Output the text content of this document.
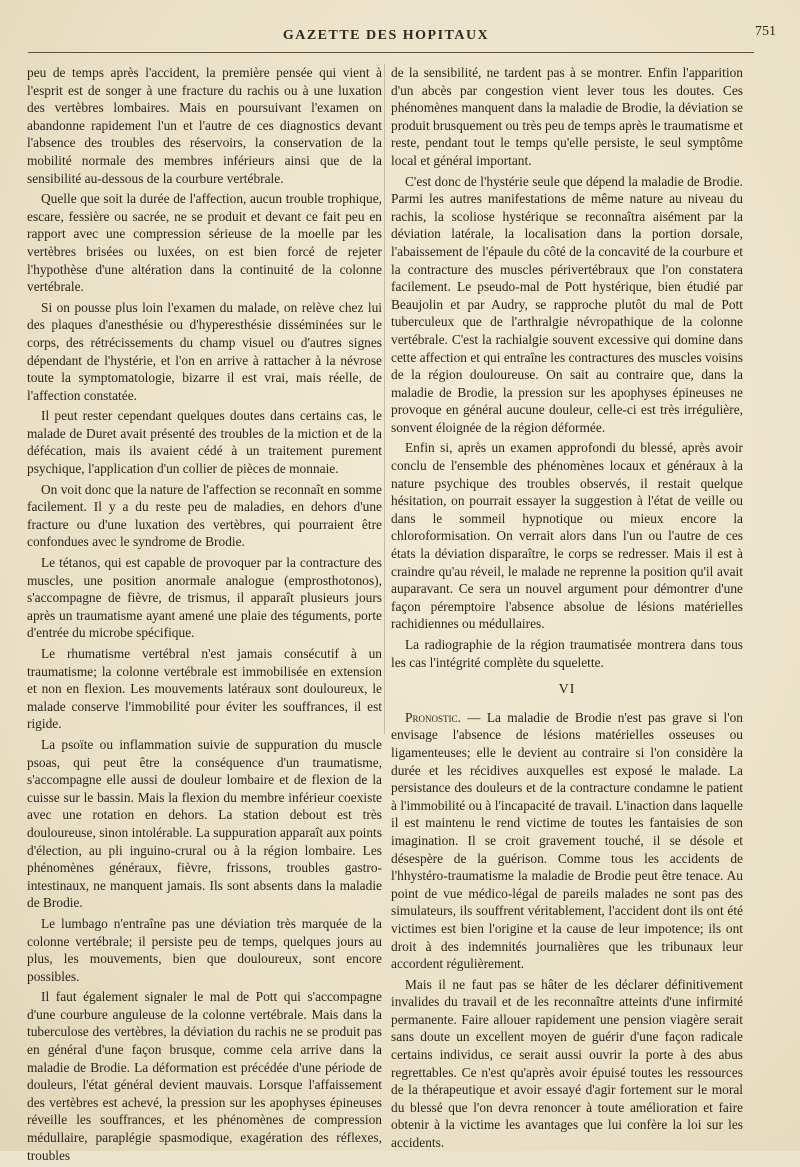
GAZETTE DES HOPITAUX	751

peu de temps après l'accident, la première pensée qui vient à l'esprit est de songer à une fracture du rachis ou à une luxation des vertèbres lombaires. Mais en poursuivant l'examen on abandonne rapidement l'un et l'autre de ces diagnostics devant l'absence des troubles des réservoirs, la conservation de la mobilité normale des membres inférieurs ainsi que de la sensibilité au-dessous de la courbure vertébrale.

Quelle que soit la durée de l'affection, aucun trouble trophique, escare, fessière ou sacrée, ne se produit et devant ce fait peu en rapport avec une compression sérieuse de la moelle par les vertèbres brisées ou luxées, on est bien forcé de rejeter l'hypothèse d'une altération dans la continuité de la colonne vertébrale.

Si on pousse plus loin l'examen du malade, on relève chez lui des plaques d'anesthésie ou d'hyperesthésie disséminées sur le corps, des rétrécissements du champ visuel ou d'autres signes dépendant de l'hystérie, et l'on en arrive à rattacher à la névrose toute la symptomatologie, bizarre il est vrai, mais réelle, de l'affection constatée.

Il peut rester cependant quelques doutes dans certains cas, le malade de Duret avait présenté des troubles de la miction et de la défécation, mais ils avaient cédé à un traitement purement psychique, l'application d'un collier de pièces de monnaie.

On voit donc que la nature de l'affection se reconnaît en somme facilement. Il y a du reste peu de maladies, en dehors d'une fracture ou d'une luxation des vertèbres, qui pourraient être confondues avec le syndrome de Brodie.

Le tétanos, qui est capable de provoquer par la contracture des muscles, une position anormale analogue (emprosthotonos), s'accompagne de fièvre, de trismus, il apparaît plusieurs jours après un traumatisme ayant amené une plaie des téguments, porte d'entrée du microbe spécifique.

Le rhumatisme vertébral n'est jamais consécutif à un traumatisme; la colonne vertébrale est immobilisée en extension et non en flexion. Les mouvements latéraux sont douloureux, le malade conserve l'immobilité pour éviter les souffrances, il est rigide.

La psoïte ou inflammation suivie de suppuration du muscle psoas, qui peut être la conséquence d'un traumatisme, s'accompagne elle aussi de douleur lombaire et de flexion de la cuisse sur le bassin. Mais la flexion du membre inférieur coexiste avec une rotation en dehors. La station debout est très douloureuse, sinon intolérable. La suppuration apparaît aux points d'élection, au pli inguino-crural ou à la région lombaire. Les phénomènes généraux, fièvre, frissons, troubles gastro-intestinaux, ne manquent jamais. Ils sont absents dans la maladie de Brodie.

Le lumbago n'entraîne pas une déviation très marquée de la colonne vertébrale; il persiste peu de temps, quelques jours au plus, les mouvements, bien que douloureux, sont encore possibles.

Il faut également signaler le mal de Pott qui s'accompagne d'une courbure anguleuse de la colonne vertébrale. Mais dans la tuberculose des vertèbres, la déviation du rachis ne se produit pas en général d'une façon brusque, comme cela arrive dans la maladie de Brodie. La déformation est précédée d'une période de douleurs, l'état général devient mauvais. Lorsque l'affaissement des vertèbres est achevé, la pression sur les apophyses épineuses réveille les souffrances, et les phénomènes de compression médullaire, paraplégie spasmodique, exagération des réflexes, troubles

de la sensibilité, ne tardent pas à se montrer. Enfin l'apparition d'un abcès par congestion vient lever tous les doutes. Ces phénomènes manquent dans la maladie de Brodie, la déviation se produit brusquement ou très peu de temps après le traumatisme et reste, pendant tout le temps qu'elle persiste, le seul symptôme local et général important.

C'est donc de l'hystérie seule que dépend la maladie de Brodie. Parmi les autres manifestations de même nature au niveau du rachis, la scoliose hystérique se reconnaîtra aisément par la déviation latérale, la localisation dans la portion dorsale, l'abaissement de l'épaule du côté de la concavité de la courbure et la contracture des muscles périvertébraux que l'on constatera facilement. Le pseudo-mal de Pott hystérique, bien étudié par Beaujolin et par Audry, se rapproche plutôt du mal de Pott tuberculeux que de l'arthralgie névropathique de la colonne vertébrale. C'est la rachialgie souvent excessive qui domine dans cette affection et qui entraîne les contractures des muscles voisins de la région douloureuse. On sait au contraire que, dans la maladie de Brodie, la pression sur les apophyses épineuses ne provoque en général aucune douleur, celle-ci est très irrégulière, sonvent éloignée de la région déformée.

Enfin si, après un examen approfondi du blessé, après avoir conclu de l'ensemble des phénomènes locaux et généraux à la nature psychique des troubles observés, il restait quelque hésitation, on pourrait essayer la suggestion à l'état de veille ou dans le sommeil hypnotique ou mieux encore la chloroformisation. On verrait alors dans l'un ou l'autre de ces états la déviation disparaître, le corps se redresser. Mais il est à craindre qu'au réveil, le malade ne reprenne la position qu'il avait auparavant. Ce sera un nouvel argument pour démontrer d'une façon péremptoire l'absence absolue de lésions matérielles rachidiennes ou médullaires.

La radiographie de la région traumatisée montrera dans tous les cas l'intégrité complète du squelette.

VI

Pronostic. — La maladie de Brodie n'est pas grave si l'on envisage l'absence de lésions matérielles osseuses ou ligamenteuses; elle le devient au contraire si l'on considère la durée et les récidives auxquelles est exposé le malade. La persistance des douleurs et de la contracture condamne le patient à l'immobilité ou à l'incapacité de travail. L'inaction dans laquelle il est maintenu le rend victime de toutes les fantaisies de son imagination. Il se croit gravement touché, il se désole et désespère de la guérison. Comme tous les accidents de l'hhystéro-traumatisme la maladie de Brodie peut être tenace. Au point de vue médico-légal de pareils malades ne sont pas des simulateurs, ils souffrent véritablement, l'accident dont ils ont été victimes est bien l'origine et la cause de leur impotence; ils ont droit à des indemnités journalières que les tribunaux leur accordent régulièrement.

Mais il ne faut pas se hâter de les déclarer définitivement invalides du travail et de les reconnaître atteints d'une infirmité permanente. Faire allouer rapidement une pension viagère serait sans doute un excellent moyen de guérir d'une façon radicale certains individus, ce serait aussi ouvrir la porte à des abus regrettables. Ce n'est qu'après avoir épuisé toutes les ressources de la thérapeutique et avoir essayé d'agir fortement sur le moral du blessé que l'on devra renoncer à toute amélioration et faire obtenir à la victime les avantages que lui confère la loi sur les accidents.
